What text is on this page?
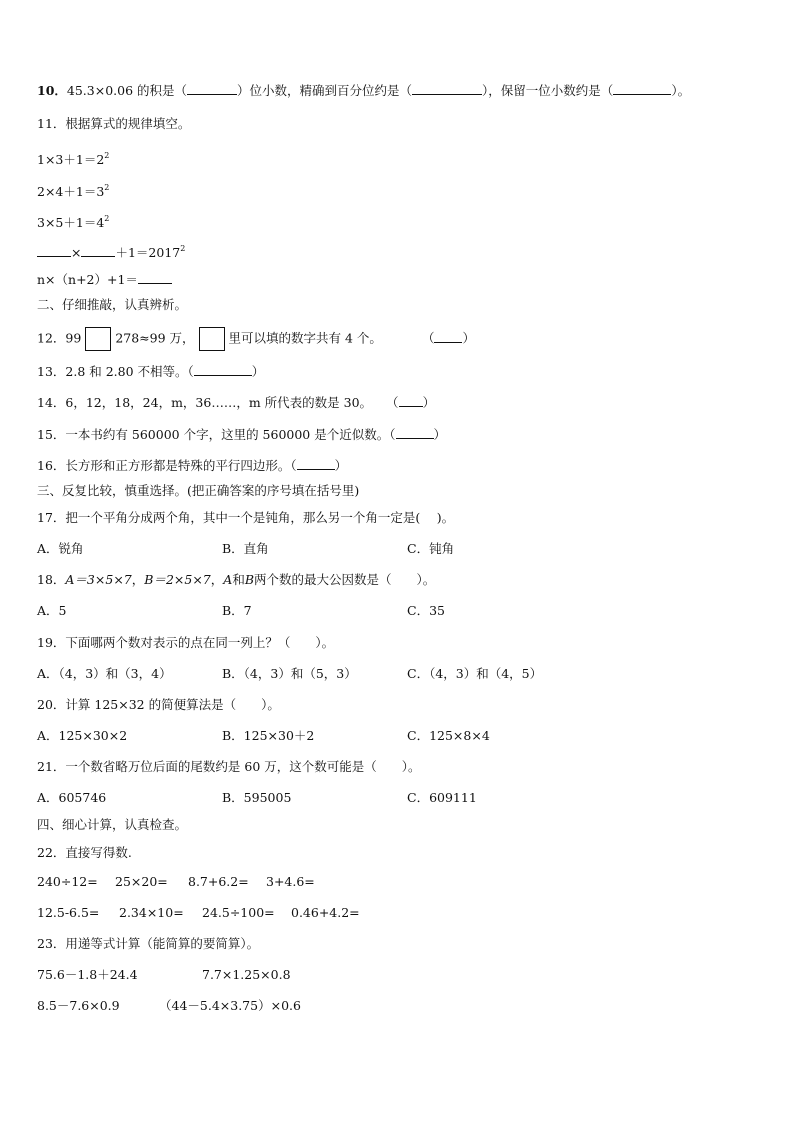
10．45.3×0.06 的积是（	）位小数，精确到百分位约是（	），保留一位小数约是（	）。
11．根据算式的规律填空。
$1\times 3+1=2^2$
$2\times 4+1=3^2$
$3\times 5+1=4^2$
×	$+1=2017^2$
n×（n+2）+1＝
二、仔细推敲，认真辨析。
12．99	278≈99 万，	里可以填的数字共有 4 个。	（ ）
13．2.8 和 2.80 不相等。（	）
14．6，12，18，24，m，36……，m 所代表的数是 30。 （ ）
15．一本书约有 560000 个字，这里的 560000 是个近似数。（	）
16．长方形和正方形都是特殊的平行四边形。（	）
三、反复比较，慎重选择。(把正确答案的序号填在括号里)
17．把一个平角分成两个角，其中一个是钝角，那么另一个角一定是(　 )。
A．锐角	B．直角	C．钝角
18．A＝3×5×7，B＝2×5×7，A和B两个数的最大公因数是（　　）。
A．5	B．7	C．35
19．下面哪两个数对表示的点在同一列上？（　　）。
A．（4，3）和（3，4）	B．（4，3）和（5，3）	C．（4，3）和（4，5）
20．计算 125×32 的简便算法是（　　）。
A．125×30×2	B．125×30＋2	C．125×8×4
21．一个数省略万位后面的尾数约是 60 万，这个数可能是（　　）。
A．605746	B．595005	C．609111
四、细心计算，认真检查。
22．直接写得数.
240÷12= 25×20= 8.7+6.2= 3+4.6=
12.5-6.5= 2.34×10= 24.5÷100= 0.46+4.2=
23．用递等式计算（能简算的要简算）。
75.6－1.8＋24.4	7.7×1.25×0.8
8.5－7.6×0.9	（44－5.4×3.75）×0.6
